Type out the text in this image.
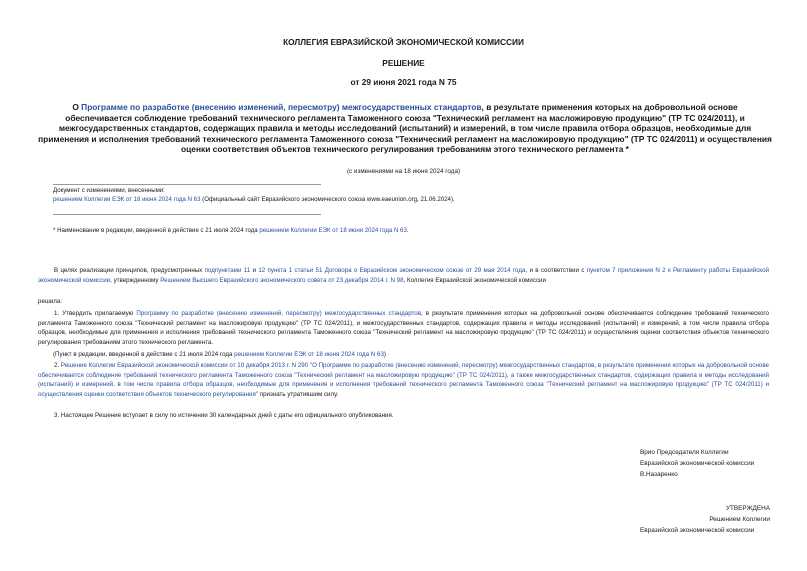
КОЛЛЕГИЯ ЕВРАЗИЙСКОЙ ЭКОНОМИЧЕСКОЙ КОМИССИИ
РЕШЕНИЕ
от 29 июня 2021 года N 75
О Программе по разработке (внесению изменений, пересмотру) межгосударственных стандартов, в результате применения которых на добровольной основе обеспечивается соблюдение требований технического регламента Таможенного союза "Технический регламент на масложировую продукцию" (ТР ТС 024/2011), и межгосударственных стандартов, содержащих правила и методы исследований (испытаний) и измерений, в том числе правила отбора образцов, необходимые для применения и исполнения требований технического регламента Таможенного союза "Технический регламент на масложировую продукцию" (ТР ТС 024/2011) и осуществления оценки соответствия объектов технического регулирования требованиям этого технического регламента *
(с изменениями на 18 июня 2024 года)
Документ с изменениями, внесенными:
решением Коллегии ЕЭК от 18 июня 2024 года N 63 (Официальный сайт Евразийского экономического союза www.eaeunion.org, 21.06.2024).
* Наименование в редакции, введенной в действие с 21 июля 2024 года решением Коллегии ЕЭК от 18 июня 2024 года N 63.
В целях реализации принципов, предусмотренных подпунктами 11 и 12 пункта 1 статьи 51 Договора о Евразийском экономическом союзе от 29 мая 2014 года, и в соответствии с пунктом 7 приложения N 2 к Регламенту работы Евразийской экономической комиссии, утвержденному Решением Высшего Евразийского экономического совета от 23 декабря 2014 г. N 98, Коллегия Евразийской экономической комиссии
решила:
1. Утвердить прилагаемую Программу по разработке (внесению изменений, пересмотру) межгосударственных стандартов, в результате применения которых на добровольной основе обеспечивается соблюдение требований технического регламента Таможенного союза "Технический регламент на масложировую продукцию" (ТР ТС 024/2011), и межгосударственных стандартов, содержащих правила и методы исследований (испытаний) и измерений, в том числе правила отбора образцов, необходимые для применения и исполнения требований технического регламента Таможенного союза "Технический регламент на масложировую продукцию" (ТР ТС 024/2011) и осуществления оценки соответствия объектов технического регулирования требованиям этого технического регламента.
(Пункт в редакции, введенной в действие с 21 июля 2024 года решением Коллегии ЕЭК от 18 июня 2024 года N 63)
2. Решение Коллегии Евразийской экономической комиссии от 10 декабря 2013 г. N 290 "О Программе по разработке (внесению изменений, пересмотру) межгосударственных стандартов, в результате применения которых на добровольной основе обеспечивается соблюдение требований технического регламента Таможенного союза "Технический регламент на масложировую продукцию" (ТР ТС 024/2011), а также межгосударственных стандартов, содержащих правила и методы исследований (испытаний) и измерений, в том числе правила отбора образцов, необходимые для применения и исполнения требований технического регламента Таможенного союза "Технический регламент на масложировую продукцию" (ТР ТС 024/2011) и осуществления оценки соответствия объектов технического регулирования" признать утратившим силу.
3. Настоящее Решение вступает в силу по истечении 30 календарных дней с даты его официального опубликования.
Врио Председателя Коллегии
Евразийской экономической комиссии
В.Назаренко
УТВЕРЖДЕНА
Решением Коллегии
Евразийской экономической комиссии
